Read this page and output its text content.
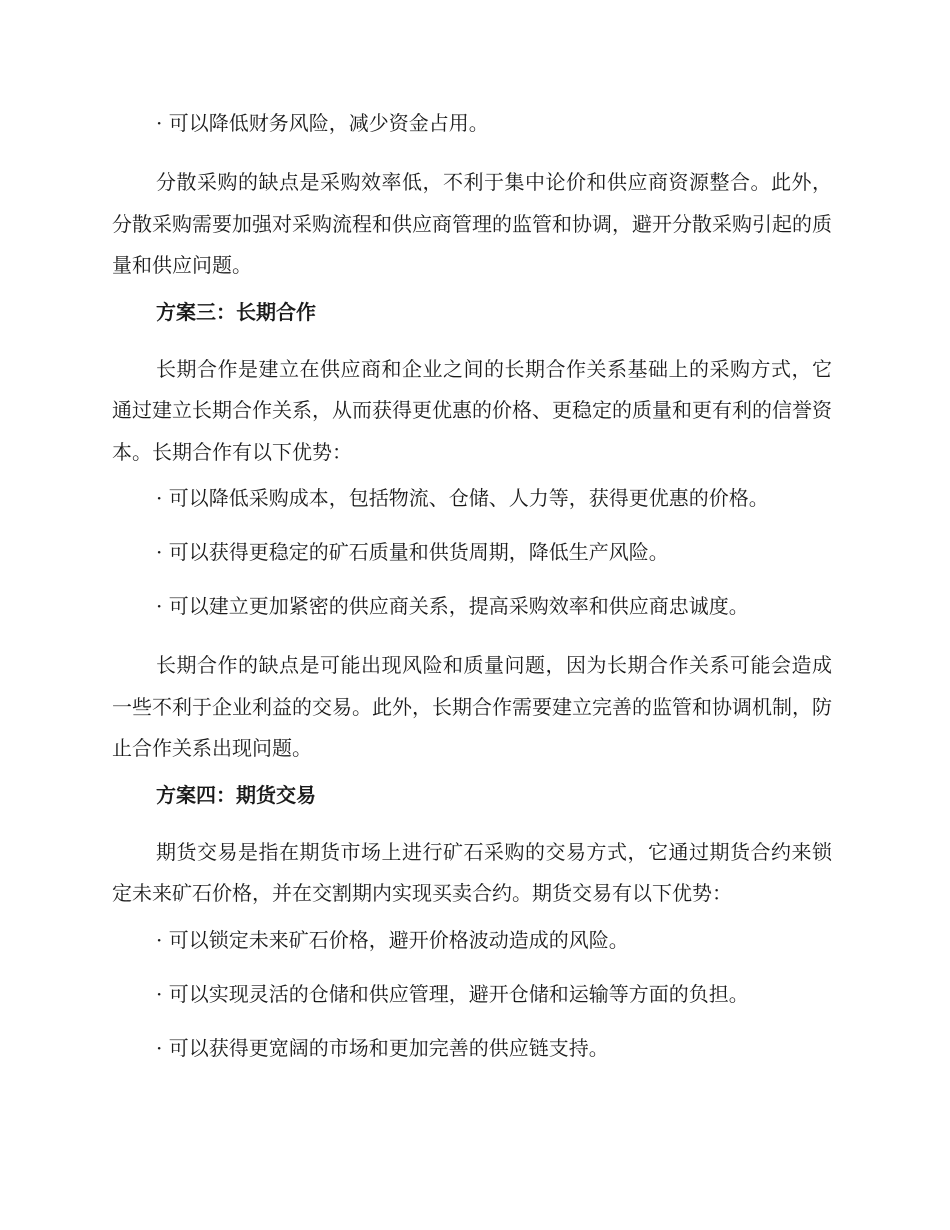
· 可以降低财务风险，减少资金占用。

分散采购的缺点是采购效率低，不利于集中论价和供应商资源整合。此外，分散采购需要加强对采购流程和供应商管理的监管和协调，避开分散采购引起的质量和供应问题。

方案三：长期合作

长期合作是建立在供应商和企业之间的长期合作关系基础上的采购方式，它通过建立长期合作关系，从而获得更优惠的价格、更稳定的质量和更有利的信誉资本。长期合作有以下优势：

· 可以降低采购成本，包括物流、仓储、人力等，获得更优惠的价格。

· 可以获得更稳定的矿石质量和供货周期，降低生产风险。

· 可以建立更加紧密的供应商关系，提高采购效率和供应商忠诚度。

长期合作的缺点是可能出现风险和质量问题，因为长期合作关系可能会造成一些不利于企业利益的交易。此外，长期合作需要建立完善的监管和协调机制，防止合作关系出现问题。

方案四：期货交易

期货交易是指在期货市场上进行矿石采购的交易方式，它通过期货合约来锁定未来矿石价格，并在交割期内实现买卖合约。期货交易有以下优势：

· 可以锁定未来矿石价格，避开价格波动造成的风险。

· 可以实现灵活的仓储和供应管理，避开仓储和运输等方面的负担。

· 可以获得更宽阔的市场和更加完善的供应链支持。
